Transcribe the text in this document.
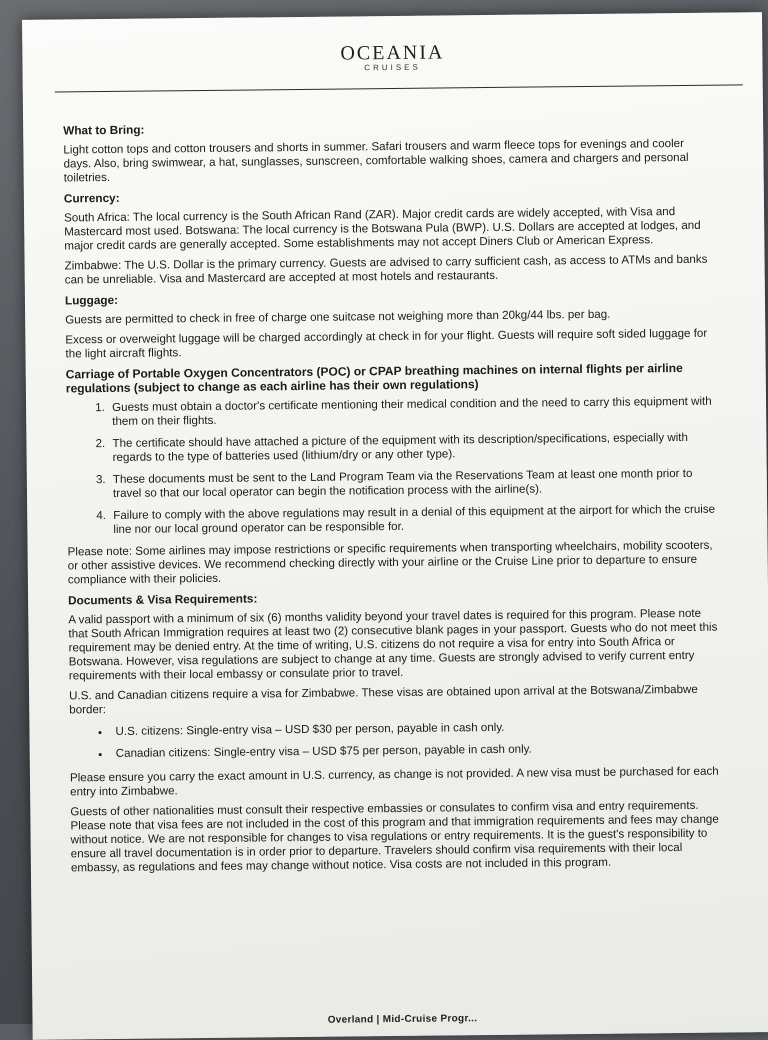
OCEANIA
CRUISES

What to Bring:

Light cotton tops and cotton trousers and shorts in summer. Safari trousers and warm fleece tops for evenings and cooler days. Also, bring swimwear, a hat, sunglasses, sunscreen, comfortable walking shoes, camera and chargers and personal toiletries.

Currency:

South Africa: The local currency is the South African Rand (ZAR). Major credit cards are widely accepted, with Visa and Mastercard most used. Botswana: The local currency is the Botswana Pula (BWP). U.S. Dollars are accepted at lodges, and major credit cards are generally accepted. Some establishments may not accept Diners Club or American Express.

Zimbabwe: The U.S. Dollar is the primary currency. Guests are advised to carry sufficient cash, as access to ATMs and banks can be unreliable. Visa and Mastercard are accepted at most hotels and restaurants.

Luggage:

Guests are permitted to check in free of charge one suitcase not weighing more than 20kg/44 lbs. per bag.

Excess or overweight luggage will be charged accordingly at check in for your flight. Guests will require soft sided luggage for the light aircraft flights.

Carriage of Portable Oxygen Concentrators (POC) or CPAP breathing machines on internal flights per airline regulations (subject to change as each airline has their own regulations)

1. Guests must obtain a doctor's certificate mentioning their medical condition and the need to carry this equipment with them on their flights.
2. The certificate should have attached a picture of the equipment with its description/specifications, especially with regards to the type of batteries used (lithium/dry or any other type).
3. These documents must be sent to the Land Program Team via the Reservations Team at least one month prior to travel so that our local operator can begin the notification process with the airline(s).
4. Failure to comply with the above regulations may result in a denial of this equipment at the airport for which the cruise line nor our local ground operator can be responsible for.

Please note: Some airlines may impose restrictions or specific requirements when transporting wheelchairs, mobility scooters, or other assistive devices. We recommend checking directly with your airline or the Cruise Line prior to departure to ensure compliance with their policies.

Documents & Visa Requirements:

A valid passport with a minimum of six (6) months validity beyond your travel dates is required for this program. Please note that South African Immigration requires at least two (2) consecutive blank pages in your passport. Guests who do not meet this requirement may be denied entry. At the time of writing, U.S. citizens do not require a visa for entry into South Africa or Botswana. However, visa regulations are subject to change at any time. Guests are strongly advised to verify current entry requirements with their local embassy or consulate prior to travel.

U.S. and Canadian citizens require a visa for Zimbabwe. These visas are obtained upon arrival at the Botswana/Zimbabwe border:

• U.S. citizens: Single-entry visa – USD $30 per person, payable in cash only.
• Canadian citizens: Single-entry visa – USD $75 per person, payable in cash only.

Please ensure you carry the exact amount in U.S. currency, as change is not provided. A new visa must be purchased for each entry into Zimbabwe.

Guests of other nationalities must consult their respective embassies or consulates to confirm visa and entry requirements. Please note that visa fees are not included in the cost of this program and that immigration requirements and fees may change without notice. We are not responsible for changes to visa regulations or entry requirements. It is the guest's responsibility to ensure all travel documentation is in order prior to departure. Travelers should confirm visa requirements with their local embassy, as regulations and fees may change without notice. Visa costs are not included in this program.

Overland | Mid-Cruise Progr...
